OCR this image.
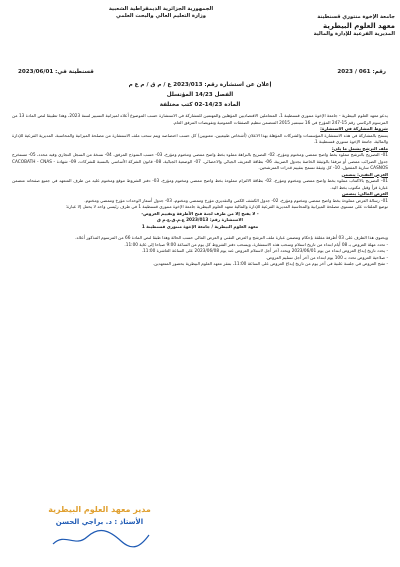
الجمهورية الجزائرية الديمقراطية الشعبية
وزارة التعليم العالي والبحث العلمي	جامعة الإخوة منتوري قسنطينة
معهد العلوم البيطرية
المديرية الفرعية للإدارة والمالية
رقم: 061 / 2023
قسنطينة في: 2023/06/01
إعلان عن استشارة رقم: 2023/013 ع / م ق / م ع م
الفصل 14/23 المؤنسلل
المادة 14/23-02 كتب مختلفة
يدعو معهد العلوم البيطرية - جامعة الإخوة منتوري قسنطينة 1، المتعاملين الاقتصاديين المؤهلين والمهتمين للمشاركة في الاستشارة حسب الموضوع أعلاه لميزانية التسيير لسنة 2023، وهذا تطبيقا لنص المادة 13 من المرسوم الرئاسي رقم 15-247 المؤرخ في 16 سبتمبر 2015 المتضمن تنظيم الصفقات العمومية وتفويضات المرفق العام.
شروط المشاركة في الاستشارة:
يسمح بالمشاركة في هذه الاستشارة المؤسسات والشركات المؤهلة بهذا الاعلان (أشخاص طبيعيين، معنويين) كل حسب اختصاصه ويتم سحب ملف الاستشارة من مصلحة الميزانية والمحاسبة، المديرية الفرعية للإدارة والمالية، جامعة الإخوة منتوري قسنطينة 1.
ملف الترشح يشمل ما يلي:
01- التصريح بالترشح مملوء بخط واضح ممضي ومختوم ومؤرخ، 02- التصريح بالنزاهة مملوء بخط واضح ممضي ومختوم ومؤرخ، 03- حسب النموذج المرفق، 04- نسخة من السجل التجاري وفيه محدد، 05- مستخرج جدول الضرائب ممضى أو مرفقا بالوثيقة الخاصة بجدول الضريبة، 06- بطاقة التعريف الجبائي والاحصائي، 07- الوضعية الجبائية، 08- قانون الشركة الأساسي بالنسبة للشركات، 09- شهادة CACOBATH - CNAS - CASNOS سارية المفعول، 10- كل وثيقة تسمح بتقييم قدرات المترشحين.
العرض التقني: يتضمن
01- التصريح بالاكتتاب مملوء بخط واضح ممضي ومختوم ومؤرخ، 02- بطاقة الالتزام مملوءة بخط واضح ممضي ومختوم ومؤرخ، 03- دفتر الشروط موقع ومختوم عليه من طرف المتعهد في جميع صفحاته متضمن عبارة قرأ وقبل مكتوب بخط اليد.
العرض المالي: يتضمن
01- رسالة العرض مملوءة بخط واضح ممضي ومختوم ومؤرخ، 02- جدول الكشف الكمي والتقديري مؤرخ وممضي ومختوم، 03- جدول أسعار الوحدات مؤرخ وممضي ومختوم.
توضع الملفات على مستوى مصلحة الميزانية والمحاسبة المديرية الفرعية للإدارة والمالية معهد العلوم البيطرية جامعة الإخوة منتوري قسنطينة 1 في ظرف رئيسي واحد لا يحمل إلا عبارة:
- لا يفتح إلا من طرف لجنة فتح الأظرفة وتقييم العروض-
الاستشارة رقم: 2023/013 ع.م.ق.ع.م ق
معهد العلوم البيطرية / جامعة الإخوة منتوري قسنطينة 1
ويحتوي هذا الظرف على 03 أظرفة مغلقة بإحكام وتتضمن عبارة ملف الترشح و العرض التقني و العرض المالي حسب الحالة وهذا طبقا لنص المادة 66 من المرسوم المذكور أعلاه.
- تحدد مهلة العروض بـ 08 أيام ابتداء من تاريخ استلام وسحب هذه الاستشارة، ويسحب دفتر الشروط كل يوم من الساعة 9:00 صباحا إلى غاية 11:00.
- يحدد تاريخ إيداع العروض ابتداء من يوم 2023/06/01 ويحدد آخر أجل لاستلام العروض عند يوم 2023/06/08 على الساعة العاشرة 11:00.
- صلاحية العروض تحدد بـ 100 يوم ابتداء من آخر أجل تسليم العروض.
- تفتح العروض في جلسة علنية في آخر يوم من تاريخ إيداع العروض على الساعة 11:00، بمقر معهد العلوم البيطرية بحضور المتعهدين.
مدير معهد العلوم البيطرية
الأستاذ : د. براجي الحسن
